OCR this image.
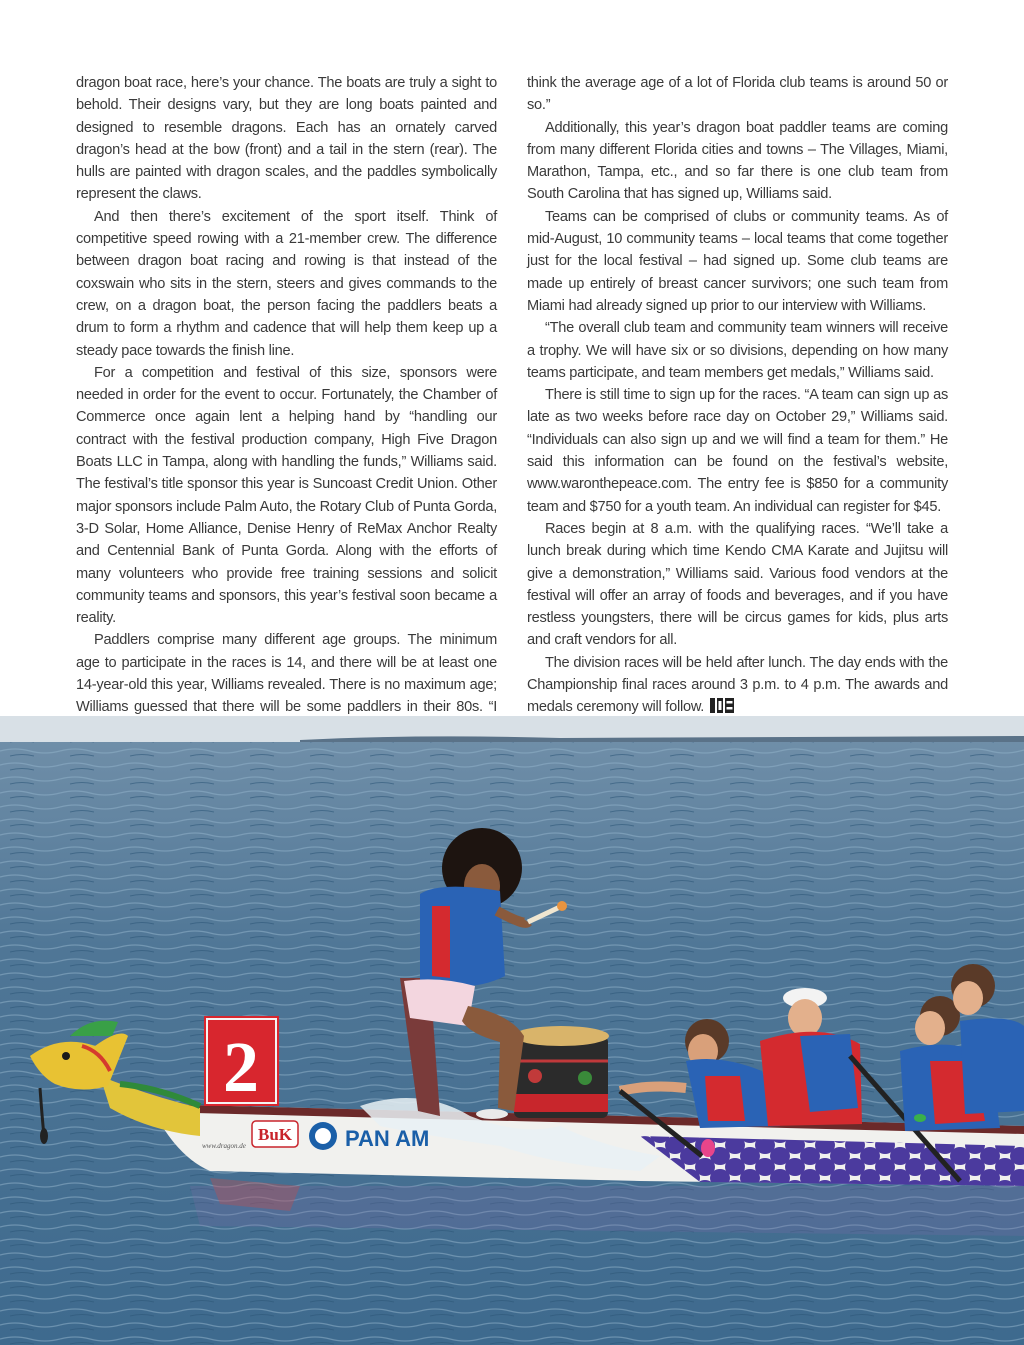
dragon boat race, here’s your chance. The boats are truly a sight to behold. Their designs vary, but they are long boats painted and designed to resemble dragons. Each has an ornately carved dragon’s head at the bow (front) and a tail in the stern (rear). The hulls are painted with dragon scales, and the paddles symbolically represent the claws.

And then there’s excitement of the sport itself. Think of competitive speed rowing with a 21-member crew. The difference between dragon boat racing and rowing is that instead of the coxswain who sits in the stern, steers and gives commands to the crew, on a dragon boat, the person facing the paddlers beats a drum to form a rhythm and cadence that will help them keep up a steady pace towards the finish line.

For a competition and festival of this size, sponsors were needed in order for the event to occur. Fortunately, the Chamber of Commerce once again lent a helping hand by “handling our contract with the festival production company, High Five Dragon Boats LLC in Tampa, along with handling the funds,” Williams said. The festival’s title sponsor this year is Suncoast Credit Union. Other major sponsors include Palm Auto, the Rotary Club of Punta Gorda, 3-D Solar, Home Alliance, Denise Henry of ReMax Anchor Realty and Centennial Bank of Punta Gorda. Along with the efforts of many volunteers who provide free training sessions and solicit community teams and sponsors, this year’s festival soon became a reality.

Paddlers comprise many different age groups. The minimum age to participate in the races is 14, and there will be at least one 14-year-old this year, Williams revealed. There is no maximum age; Williams guessed that there will be some paddlers in their 80s. “I

think the average age of a lot of Florida club teams is around 50 or so.”

Additionally, this year’s dragon boat paddler teams are coming from many different Florida cities and towns – The Villages, Miami, Marathon, Tampa, etc., and so far there is one club team from South Carolina that has signed up, Williams said.

Teams can be comprised of clubs or community teams. As of mid-August, 10 community teams – local teams that come together just for the local festival – had signed up. Some club teams are made up entirely of breast cancer survivors; one such team from Miami had already signed up prior to our interview with Williams.

“The overall club team and community team winners will receive a trophy. We will have six or so divisions, depending on how many teams participate, and team members get medals,” Williams said.

There is still time to sign up for the races. “A team can sign up as late as two weeks before race day on October 29,” Williams said. “Individuals can also sign up and we will find a team for them.” He said this information can be found on the festival’s website, www.waronthepeace.com. The entry fee is $850 for a community team and $750 for a youth team. An individual can register for $45.

Races begin at 8 a.m. with the qualifying races. “We’ll take a lunch break during which time Kendo CMA Karate and Jujitsu will give a demonstration,” Williams said. Various food vendors at the festival will offer an array of foods and beverages, and if you have restless youngsters, there will be circus games for kids, plus arts and craft vendors for all.

The division races will be held after lunch. The day ends with the Championship final races around 3 p.m. to 4 p.m. The awards and medals ceremony will follow.

2
BuK PAN AM
www.dragon.de
